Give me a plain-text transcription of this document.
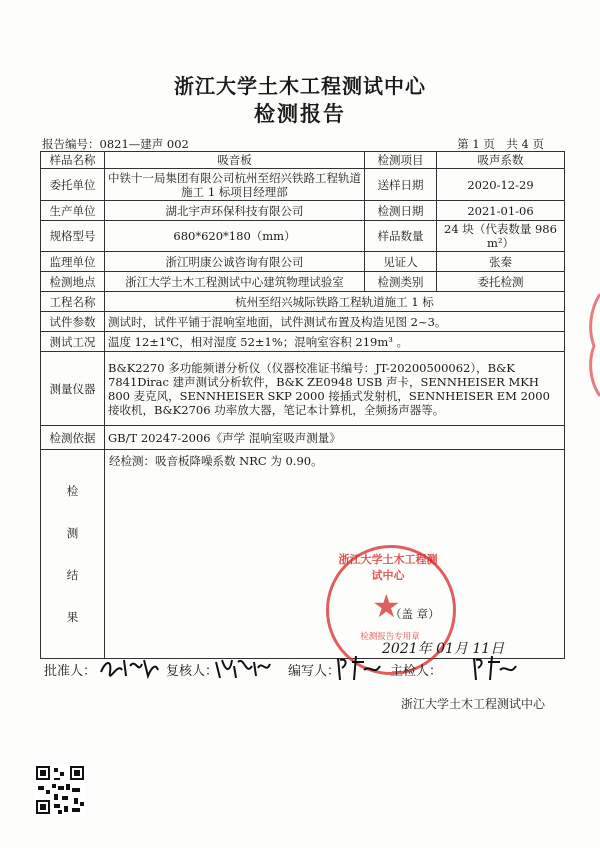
浙江大学土木工程测试中心
检测报告
报告编号：0821—建声 002	第 1 页　共 4 页
样品名称	吸音板	检测项目	吸声系数
委托单位	中铁十一局集团有限公司杭州至绍兴铁路工程轨道施工 1 标项目经理部	送样日期	2020-12-29
生产单位	湖北宇声环保科技有限公司	检测日期	2021-01-06
规格型号	680*620*180（mm）	样品数量	24 块（代表数量 986 m²）
监理单位	浙江明康公诚咨询有限公司	见证人	张秦
检测地点	浙江大学土木工程测试中心建筑物理试验室	检测类别	委托检测
工程名称	杭州至绍兴城际铁路工程轨道施工 1 标		
试件参数	测试时，试件平铺于混响室地面，试件测试布置及构造见图 2~3。		
测试工况	温度 12±1℃，相对湿度 52±1%；混响室容积 219m³ 。		
测量仪器	B&K2270 多功能频谱分析仪（仪器校准证书编号：JT-20200500062），B&K 7841Dirac 建声测试分析软件，B&K ZE0948 USB 声卡，SENNHEISER MKH 800 麦克风，SENNHEISER SKP 2000 接插式发射机，SENNHEISER EM 2000 接收机，B&K2706 功率放大器，笔记本计算机，全频扬声器等。		
检测依据	GB/T 20247-2006《声学 混响室吸声测量》		

检
测
结
果	经检测：吸音板降噪系数 NRC 为 0.90。		
浙江大学土木工程测试中心
★
检测报告专用章
（盖 章）
2021年 01月 11日
批准人：	复核人：	编写人：	主检人：
浙江大学土木工程测试中心
